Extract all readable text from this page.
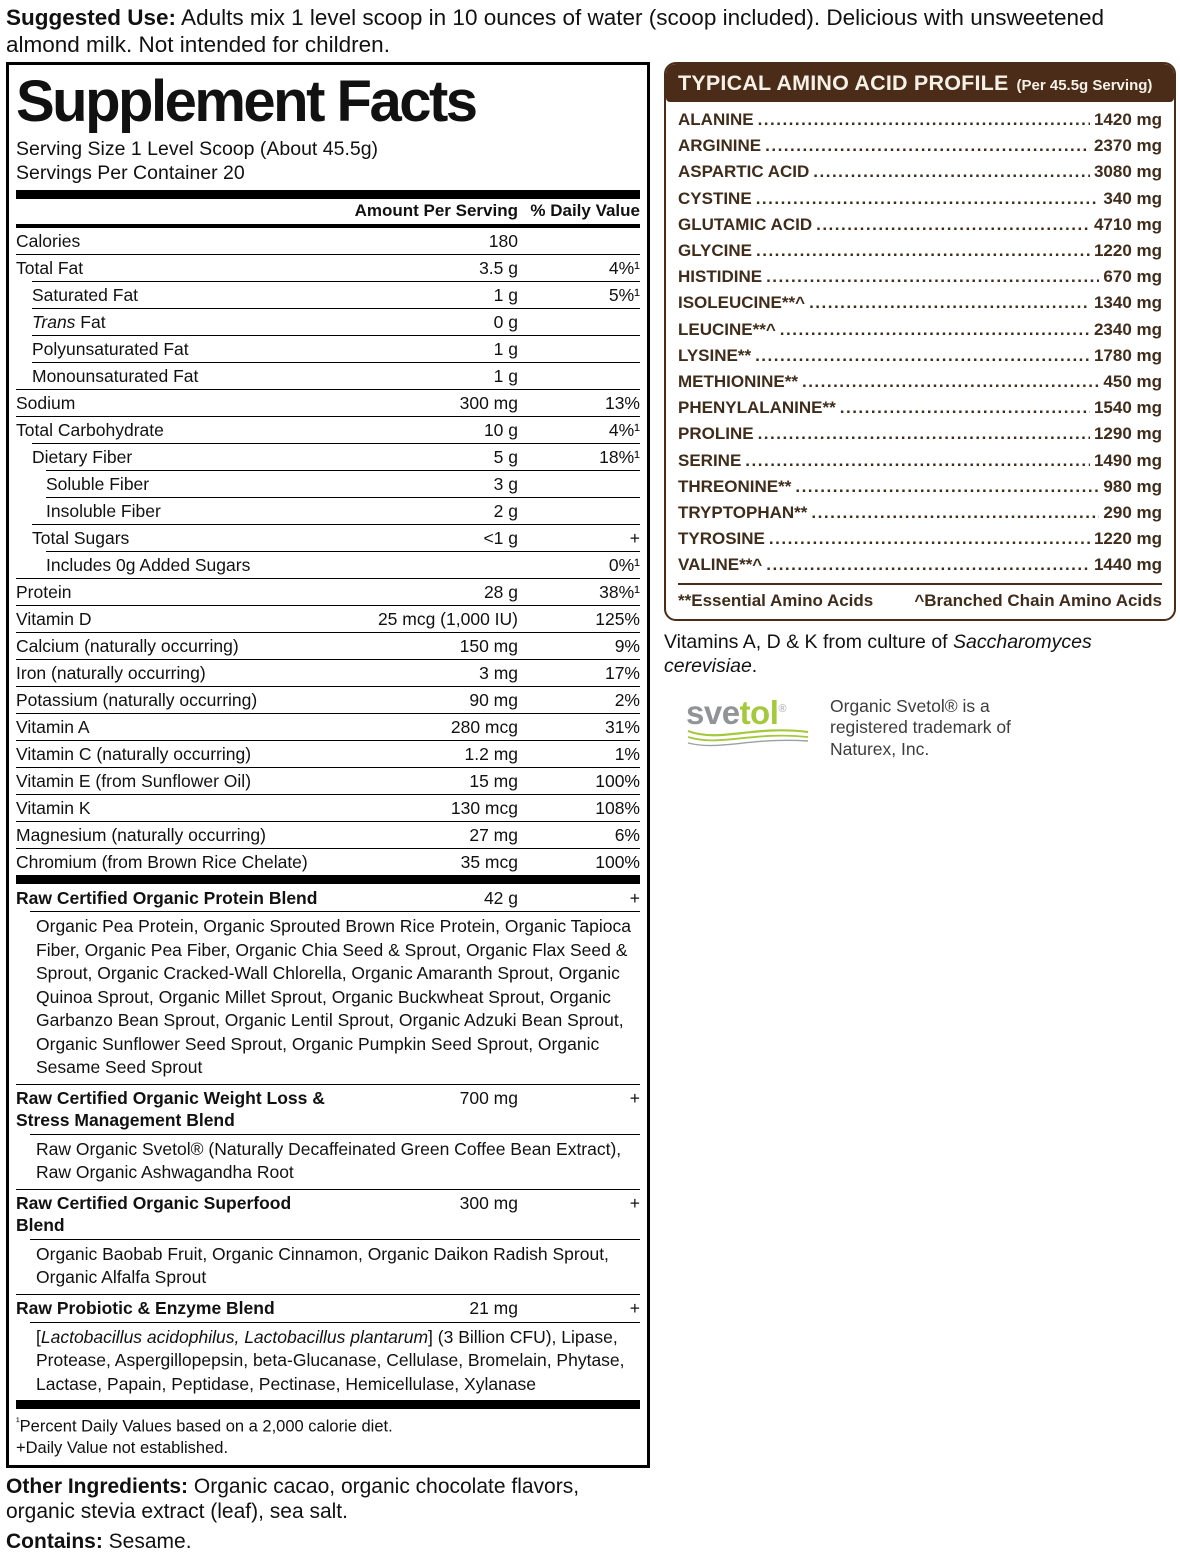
Suggested Use: Adults mix 1 level scoop in 10 ounces of water (scoop included). Delicious with unsweetened almond milk. Not intended for children.
Supplement Facts
Serving Size 1 Level Scoop (About 45.5g)
Servings Per Container 20
Amount Per Serving % Daily Value
Calories	180
Total Fat	3.5 g	4%¹
Saturated Fat	1 g	5%¹
Trans Fat	0 g
Polyunsaturated Fat	1 g
Monounsaturated Fat	1 g
Sodium	300 mg	13%
Total Carbohydrate	10 g	4%¹
Dietary Fiber	5 g	18%¹
Soluble Fiber	3 g
Insoluble Fiber	2 g
Total Sugars	<1 g	+
Includes 0g Added Sugars	0%¹
Protein	28 g	38%¹
Vitamin D	25 mcg (1,000 IU)	125%
Calcium (naturally occurring)	150 mg	9%
Iron (naturally occurring)	3 mg	17%
Potassium (naturally occurring)	90 mg	2%
Vitamin A	280 mcg	31%
Vitamin C (naturally occurring)	1.2 mg	1%
Vitamin E (from Sunflower Oil)	15 mg	100%
Vitamin K	130 mcg	108%
Magnesium (naturally occurring)	27 mg	6%
Chromium (from Brown Rice Chelate)	35 mcg	100%
Raw Certified Organic Protein Blend	42 g	+
Organic Pea Protein, Organic Sprouted Brown Rice Protein, Organic Tapioca Fiber, Organic Pea Fiber, Organic Chia Seed & Sprout, Organic Flax Seed & Sprout, Organic Cracked-Wall Chlorella, Organic Amaranth Sprout, Organic Quinoa Sprout, Organic Millet Sprout, Organic Buckwheat Sprout, Organic Garbanzo Bean Sprout, Organic Lentil Sprout, Organic Adzuki Bean Sprout, Organic Sunflower Seed Sprout, Organic Pumpkin Seed Sprout, Organic Sesame Seed Sprout
Raw Certified Organic Weight Loss & Stress Management Blend
700 mg	+
Raw Organic Svetol® (Naturally Decaffeinated Green Coffee Bean Extract), Raw Organic Ashwagandha Root
Raw Certified Organic Superfood Blend
300 mg	+
Organic Baobab Fruit, Organic Cinnamon, Organic Daikon Radish Sprout, Organic Alfalfa Sprout
Raw Probiotic & Enzyme Blend	21 mg	+
[Lactobacillus acidophilus, Lactobacillus plantarum] (3 Billion CFU), Lipase, Protease, Aspergillopepsin, beta-Glucanase, Cellulase, Bromelain, Phytase, Lactase, Papain, Peptidase, Pectinase, Hemicellulase, Xylanase
$^{^1}$Percent Daily Values based on a 2,000 calorie diet.
+Daily Value not established.
Other Ingredients: Organic cacao, organic chocolate flavors, organic stevia extract (leaf), sea salt.
Contains: Sesame.
TYPICAL AMINO ACID PROFILE (Per 45.5g Serving)
ALANINE .....	1420 mg
ARGININE .....	2370 mg
ASPARTIC ACID .....	3080 mg
CYSTINE .....	340 mg
GLUTAMIC ACID .....	4710 mg
GLYCINE .....	1220 mg
HISTIDINE .....	670 mg
ISOLEUCINE**^ .....	1340 mg
LEUCINE**^ .....	2340 mg
LYSINE** .....	1780 mg
METHIONINE** .....	450 mg
PHENYLALANINE** .....	1540 mg
PROLINE .....	1290 mg
SERINE .....	1490 mg
THREONINE** .....	980 mg
TRYPTOPHAN** .....	290 mg
TYROSINE .....	1220 mg
VALINE**^ .....	1440 mg
**Essential Amino Acids ^Branched Chain Amino Acids
Vitamins A, D & K from culture of Saccharomyces cerevisiae.
svetol®	Organic Svetol® is a registered trademark of Naturex, Inc.
